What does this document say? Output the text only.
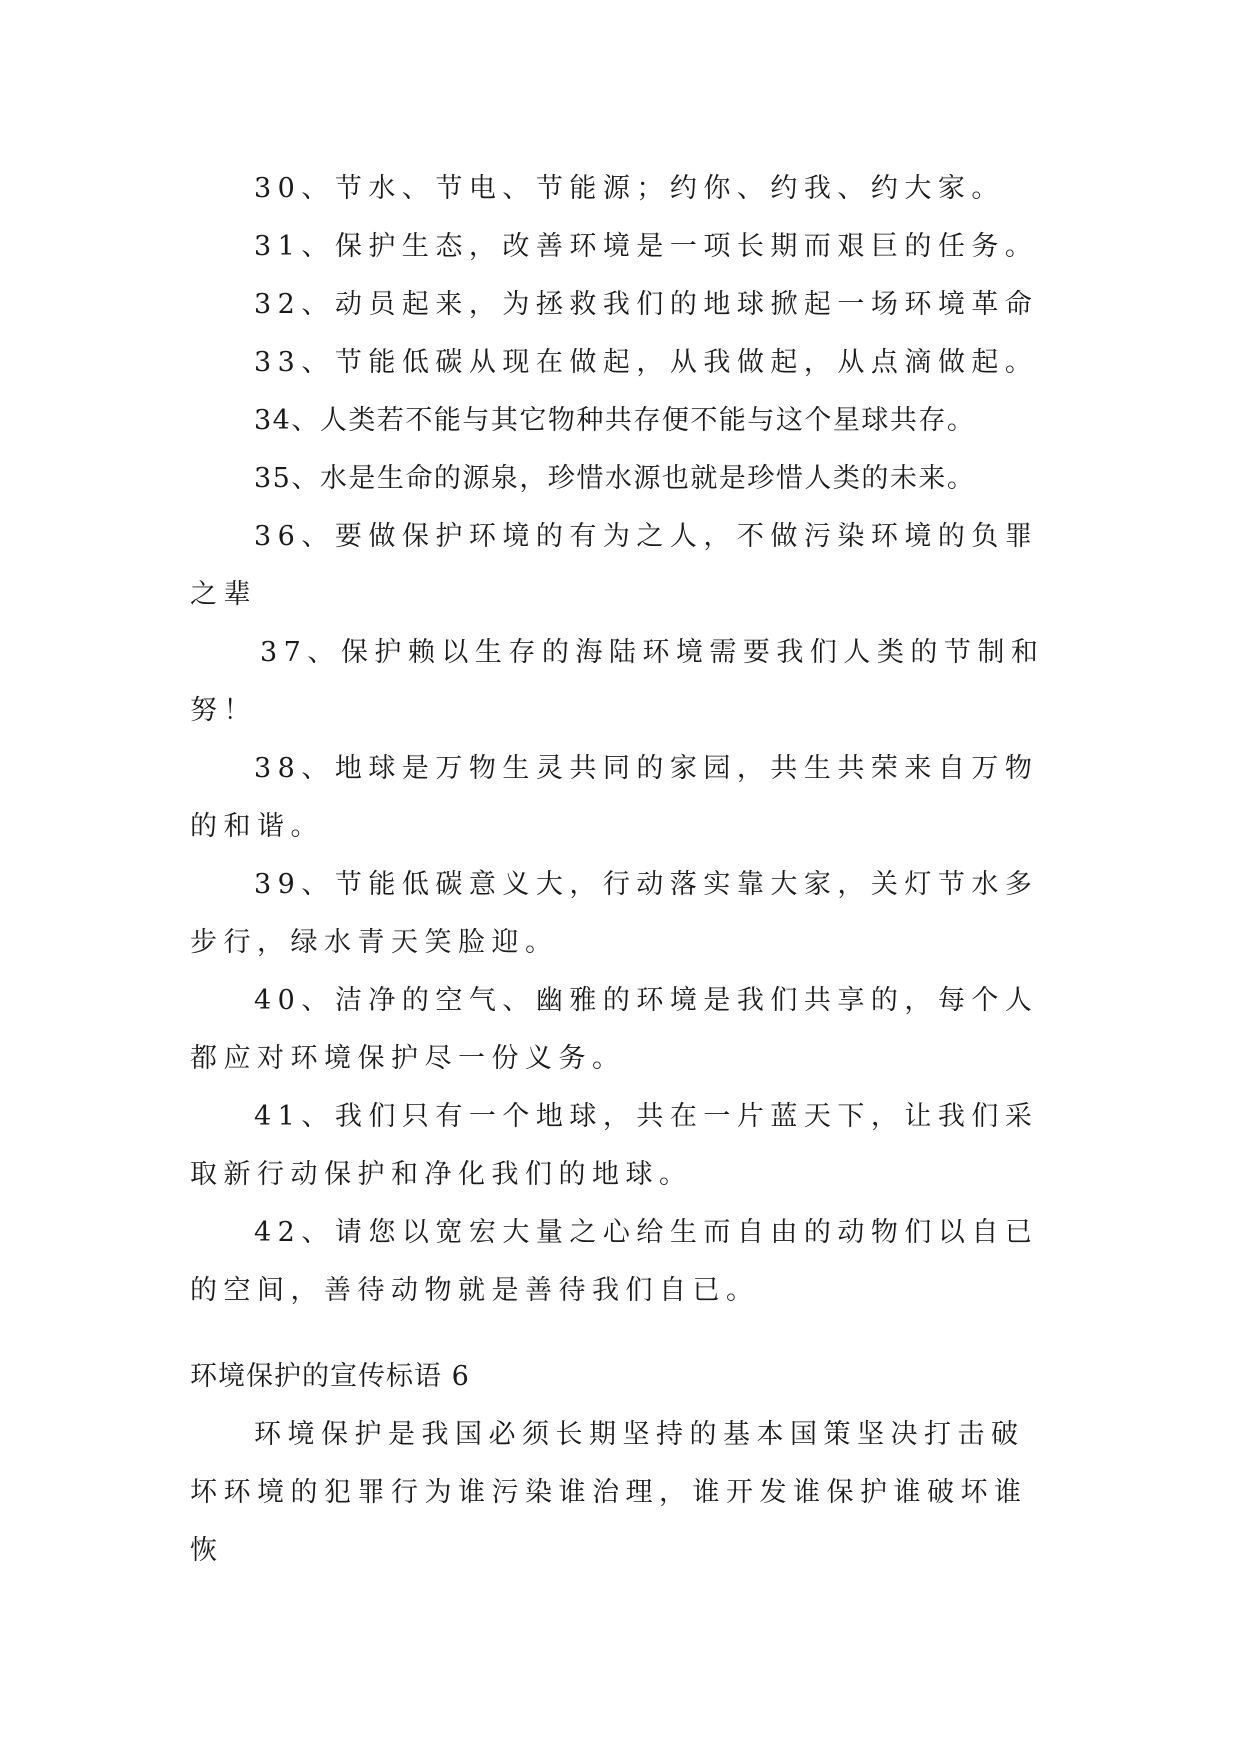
30、节水、节电、节能源；约你、约我、约大家。

31、保护生态，改善环境是一项长期而艰巨的任务。

32、动员起来，为拯救我们的地球掀起一场环境革命

33、节能低碳从现在做起，从我做起，从点滴做起。

34、人类若不能与其它物种共存便不能与这个星球共存。

35、水是生命的源泉，珍惜水源也就是珍惜人类的未来。

36、要做保护环境的有为之人，不做污染环境的负罪之辈

37、保护赖以生存的海陆环境需要我们人类的节制和努！

38、地球是万物生灵共同的家园，共生共荣来自万物的和谐。

39、节能低碳意义大，行动落实靠大家，关灯节水多步行，绿水青天笑脸迎。

40、洁净的空气、幽雅的环境是我们共享的，每个人都应对环境保护尽一份义务。

41、我们只有一个地球，共在一片蓝天下，让我们采取新行动保护和净化我们的地球。

42、请您以宽宏大量之心给生而自由的动物们以自已的空间，善待动物就是善待我们自已。

环境保护的宣传标语 6

环境保护是我国必须长期坚持的基本国策坚决打击破坏环境的犯罪行为谁污染谁治理，谁开发谁保护谁破坏谁恢
